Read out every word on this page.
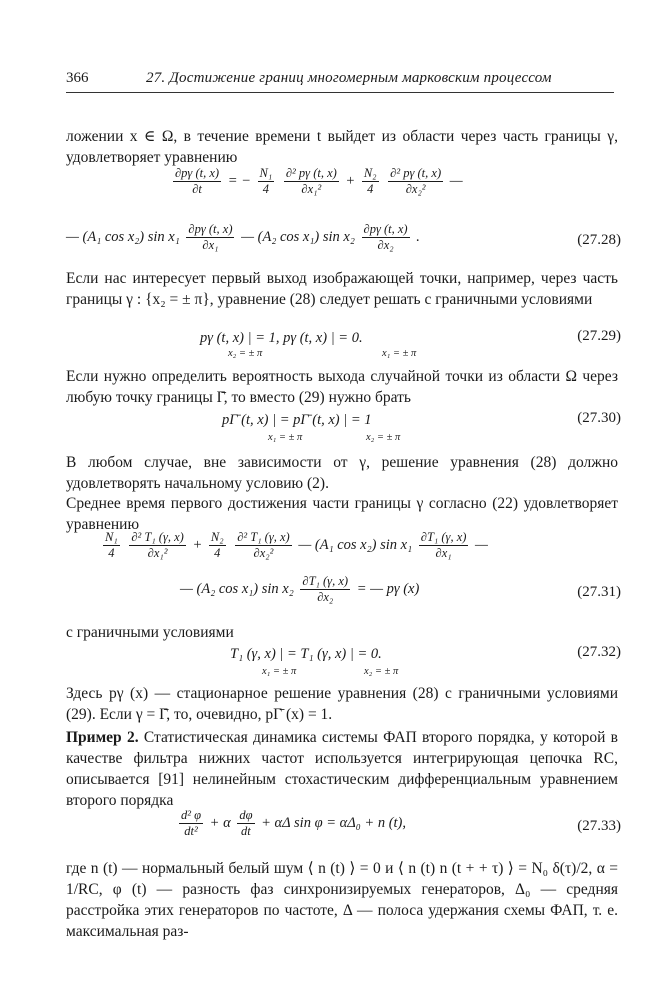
366	27. Достижение границ многомерным марковским процессом
ложении x ∈ Ω, в течение времени t выйдет из области через часть границы γ, удовлетворяет уравнению
$\frac{\partial p\gamma (t, x)}{\partial t}$ = − $\frac{\text{N₁}}{4}$
$\frac{\text{∂² pγ (t, x)}}{\text{∂x₁²}} + \frac{\text{N₂}}{4}$
$\frac{\text{∂² pγ (t, x)}}{\text{∂x₂²}}$ —
— (A₁ cos x₂) $\sin x_1 \frac{\partial p\gamma (t, x)}{\text{∂x₁}}$ — (A₂ cos x₁) $\sin x_2 \frac{\partial p\gamma (t, x)}{\text{∂x₂}}$ .	(27.28)
Если нас интересует первый выход изображающей точки, например, через часть границы γ : {x₂ = ± π}, уравнение (28) следует решать с граничными условиями
pγ (t, x) | = 1, pγ (t, x) | = 0.
x₂ = ± π	x₁ = ± π
(27.29)
Если нужно определить вероятность выхода случайной точки из области Ω через любую точку границы Γ̄, то вместо (29) нужно брать
pΓ̄ (t, x) | = pΓ̄ (t, x) | = 1
x₁ = ± π	x₂ = ± π
(27.30)
В любом случае, вне зависимости от γ, решение уравнения (28) должно удовлетворять начальному условию (2).
Среднее время первого достижения части границы γ согласно (22) удовлетворяет уравнению
$\frac{\text{N₁}}{4}$
$\frac{\text{∂² T₁ (γ, x)}}{\text{∂x₁²}} + \frac{\text{N₂}}{4}$
$\frac{\text{∂² T₁ (γ, x)}}{\text{∂x₂²}}$ — (A₁ cos x₂) $\sin x_1 \frac{\text{∂T₁ (γ, x)}}{\text{∂x₁}}$ —
— (A₂ cos x₁) $\sin x_2 \frac{\text{∂T₁ (γ, x)}}{\text{∂x₂}}$ = — pγ (x)	(27.31)
с граничными условиями
T₁ (γ, x) | = T₁ (γ, x) | = 0.
x₁ = ± π	x₂ = ± π
(27.32)
Здесь pγ (x) — стационарное решение уравнения (28) с граничными условиями (29). Если γ = Γ̄, то, очевидно, pΓ̄ (x) = 1.
Пример 2. Статистическая динамика системы ФАП второго порядка, у которой в качестве фильтра нижних частот используется интегрирующая цепочка RC, описывается [91] нелинейным стохастическим дифференциальным уравнением второго порядка
$\frac{\text{d² φ}}{\text{dt²}} + \alpha \frac{d\varphi}{dt} + \alpha\Delta$ sin φ = αΔ₀ + n (t),	(27.33)
где n (t) — нормальный белый шум ⟨ n (t) ⟩ = 0 и ⟨ n (t) n (t + + τ) ⟩ = N₀ δ(τ)/2, α = 1/RC, φ (t) — разность фаз синхронизируемых генераторов, Δ₀ — средняя расстройка этих генераторов по частоте, Δ — полоса удержания схемы ФАП, т. е. максимальная раз-
